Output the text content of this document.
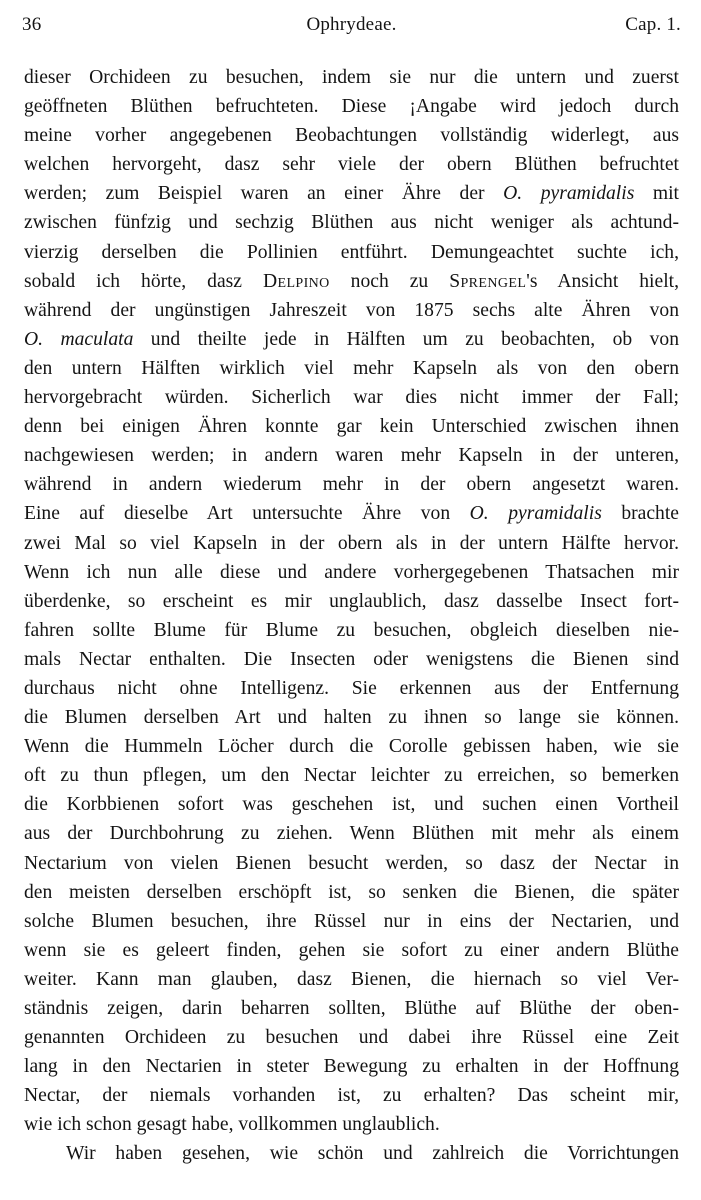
36	Ophrydeae.	Cap. 1.
dieser Orchideen zu besuchen, indem sie nur die untern und zuerst
geöffneten Blüthen befruchteten. Diese ¡Angabe wird jedoch durch
meine vorher angegebenen Beobachtungen vollständig widerlegt, aus
welchen hervorgeht, dasz sehr viele der obern Blüthen befruchtet
werden; zum Beispiel waren an einer Ähre der O. pyramidalis mit
zwischen fünfzig und sechzig Blüthen aus nicht weniger als achtund-
vierzig derselben die Pollinien entführt. Demungeachtet suchte ich,
sobald ich hörte, dasz Delpino noch zu Sprengel's Ansicht hielt,
während der ungünstigen Jahreszeit von 1875 sechs alte Ähren von
O. maculata und theilte jede in Hälften um zu beobachten, ob von
den untern Hälften wirklich viel mehr Kapseln als von den obern
hervorgebracht würden. Sicherlich war dies nicht immer der Fall;
denn bei einigen Ähren konnte gar kein Unterschied zwischen ihnen
nachgewiesen werden; in andern waren mehr Kapseln in der unteren,
während in andern wiederum mehr in der obern angesetzt waren.
Eine auf dieselbe Art untersuchte Ähre von O. pyramidalis brachte
zwei Mal so viel Kapseln in der obern als in der untern Hälfte hervor.
Wenn ich nun alle diese und andere vorhergegebenen Thatsachen mir
überdenke, so erscheint es mir unglaublich, dasz dasselbe Insect fort-
fahren sollte Blume für Blume zu besuchen, obgleich dieselben nie-
mals Nectar enthalten. Die Insecten oder wenigstens die Bienen sind
durchaus nicht ohne Intelligenz. Sie erkennen aus der Entfernung
die Blumen derselben Art und halten zu ihnen so lange sie können.
Wenn die Hummeln Löcher durch die Corolle gebissen haben, wie sie
oft zu thun pflegen, um den Nectar leichter zu erreichen, so bemerken
die Korbbienen sofort was geschehen ist, und suchen einen Vortheil
aus der Durchbohrung zu ziehen. Wenn Blüthen mit mehr als einem
Nectarium von vielen Bienen besucht werden, so dasz der Nectar in
den meisten derselben erschöpft ist, so senken die Bienen, die später
solche Blumen besuchen, ihre Rüssel nur in eins der Nectarien, und
wenn sie es geleert finden, gehen sie sofort zu einer andern Blüthe
weiter. Kann man glauben, dasz Bienen, die hiernach so viel Ver-
ständnis zeigen, darin beharren sollten, Blüthe auf Blüthe der oben-
genannten Orchideen zu besuchen und dabei ihre Rüssel eine Zeit
lang in den Nectarien in steter Bewegung zu erhalten in der Hoffnung
Nectar, der niemals vorhanden ist, zu erhalten? Das scheint mir,
wie ich schon gesagt habe, vollkommen unglaublich.
Wir haben gesehen, wie schön und zahlreich die Vorrichtungen
